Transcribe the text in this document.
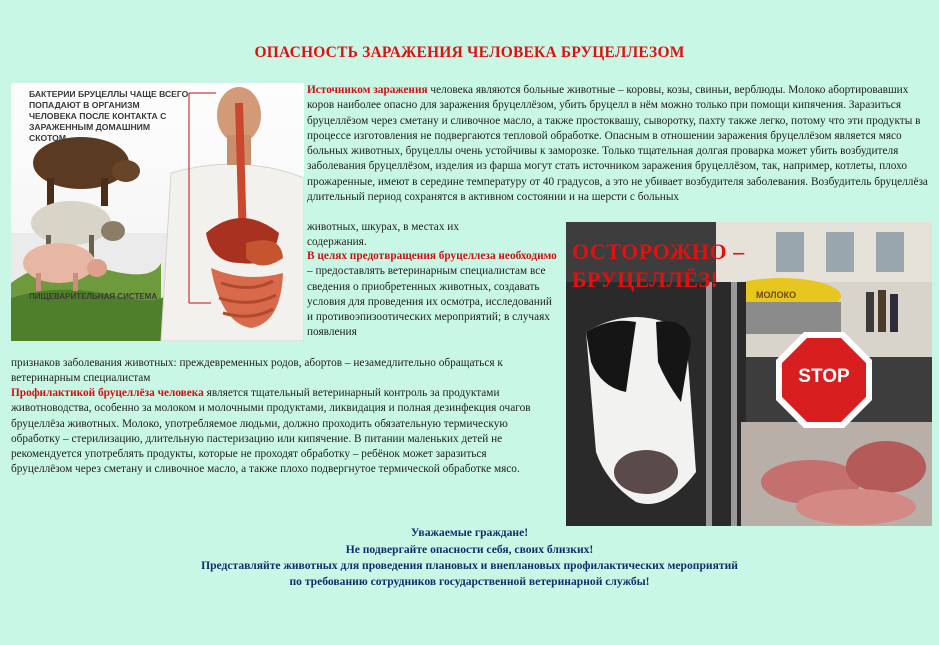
ОПАСНОСТЬ ЗАРАЖЕНИЯ ЧЕЛОВЕКА БРУЦЕЛЛЕЗОМ
БАКТЕРИИ БРУЦЕЛЛЫ ЧАЩЕ ВСЕГО ПОПАДАЮТ В ОРГАНИЗМ ЧЕЛОВЕКА ПОСЛЕ КОНТАКТА С ЗАРАЖЕННЫМ ДОМАШНИМ СКОТОМ
ПИЩЕВАРИТЕЛЬНАЯ СИСТЕМА
ОСТОРОЖНО – БРУЦЕЛЛЁЗ!
STOP
МОЛОКО
Источником заражения человека являются больные животные – коровы, козы, свиньи, верблюды. Молоко абортировавших коров наиболее опасно для заражения бруцеллёзом, убить бруцелл в нём можно только при помощи кипячения. Заразиться бруцеллёзом через сметану и сливочное масло, а также простоквашу, сыворотку, пахту также легко, потому что эти продукты в процессе изготовления не подвергаются тепловой обработке. Опасным в отношении заражения бруцеллёзом является мясо больных животных, бруцеллы очень устойчивы к заморозке. Только тщательная долгая проварка может убить возбудителя заболевания бруцеллёзом, изделия из фарша могут стать источником заражения бруцеллёзом, так, например, котлеты, плохо прожаренные, имеют в середине температуру от 40 градусов, а это не убивает возбудителя заболевания. Возбудитель бруцеллёза длительный период сохранятся в активном состоянии и на шерсти с больных
животных, шкурах, в местах их содержания.
В целях предотвращения бруцеллеза необходимо – предоставлять ветеринарным специалистам все сведения о приобретенных животных, создавать условия для проведения их осмотра, исследований и противоэпизоотических мероприятий; в случаях появления
признаков заболевания животных: преждевременных родов, абортов – незамедлительно обращаться к ветеринарным специалистам
Профилактикой бруцеллёза человека является тщательный ветеринарный контроль за продуктами животноводства, особенно за молоком и молочными продуктами, ликвидация и полная дезинфекция очагов бруцеллёза животных. Молоко, употребляемое людьми, должно проходить обязательную термическую обработку – стерилизацию, длительную пастеризацию или кипячение. В питании маленьких детей не рекомендуется употреблять продукты, которые не проходят обработку – ребёнок может заразиться бруцеллёзом через сметану и сливочное масло, а также плохо подвергнутое термической обработке мясо.
Уважаемые граждане!
Не подвергайте опасности себя, своих близких!
Представляйте животных для проведения плановых и внеплановых профилактических мероприятий
по требованию сотрудников государственной ветеринарной службы!
